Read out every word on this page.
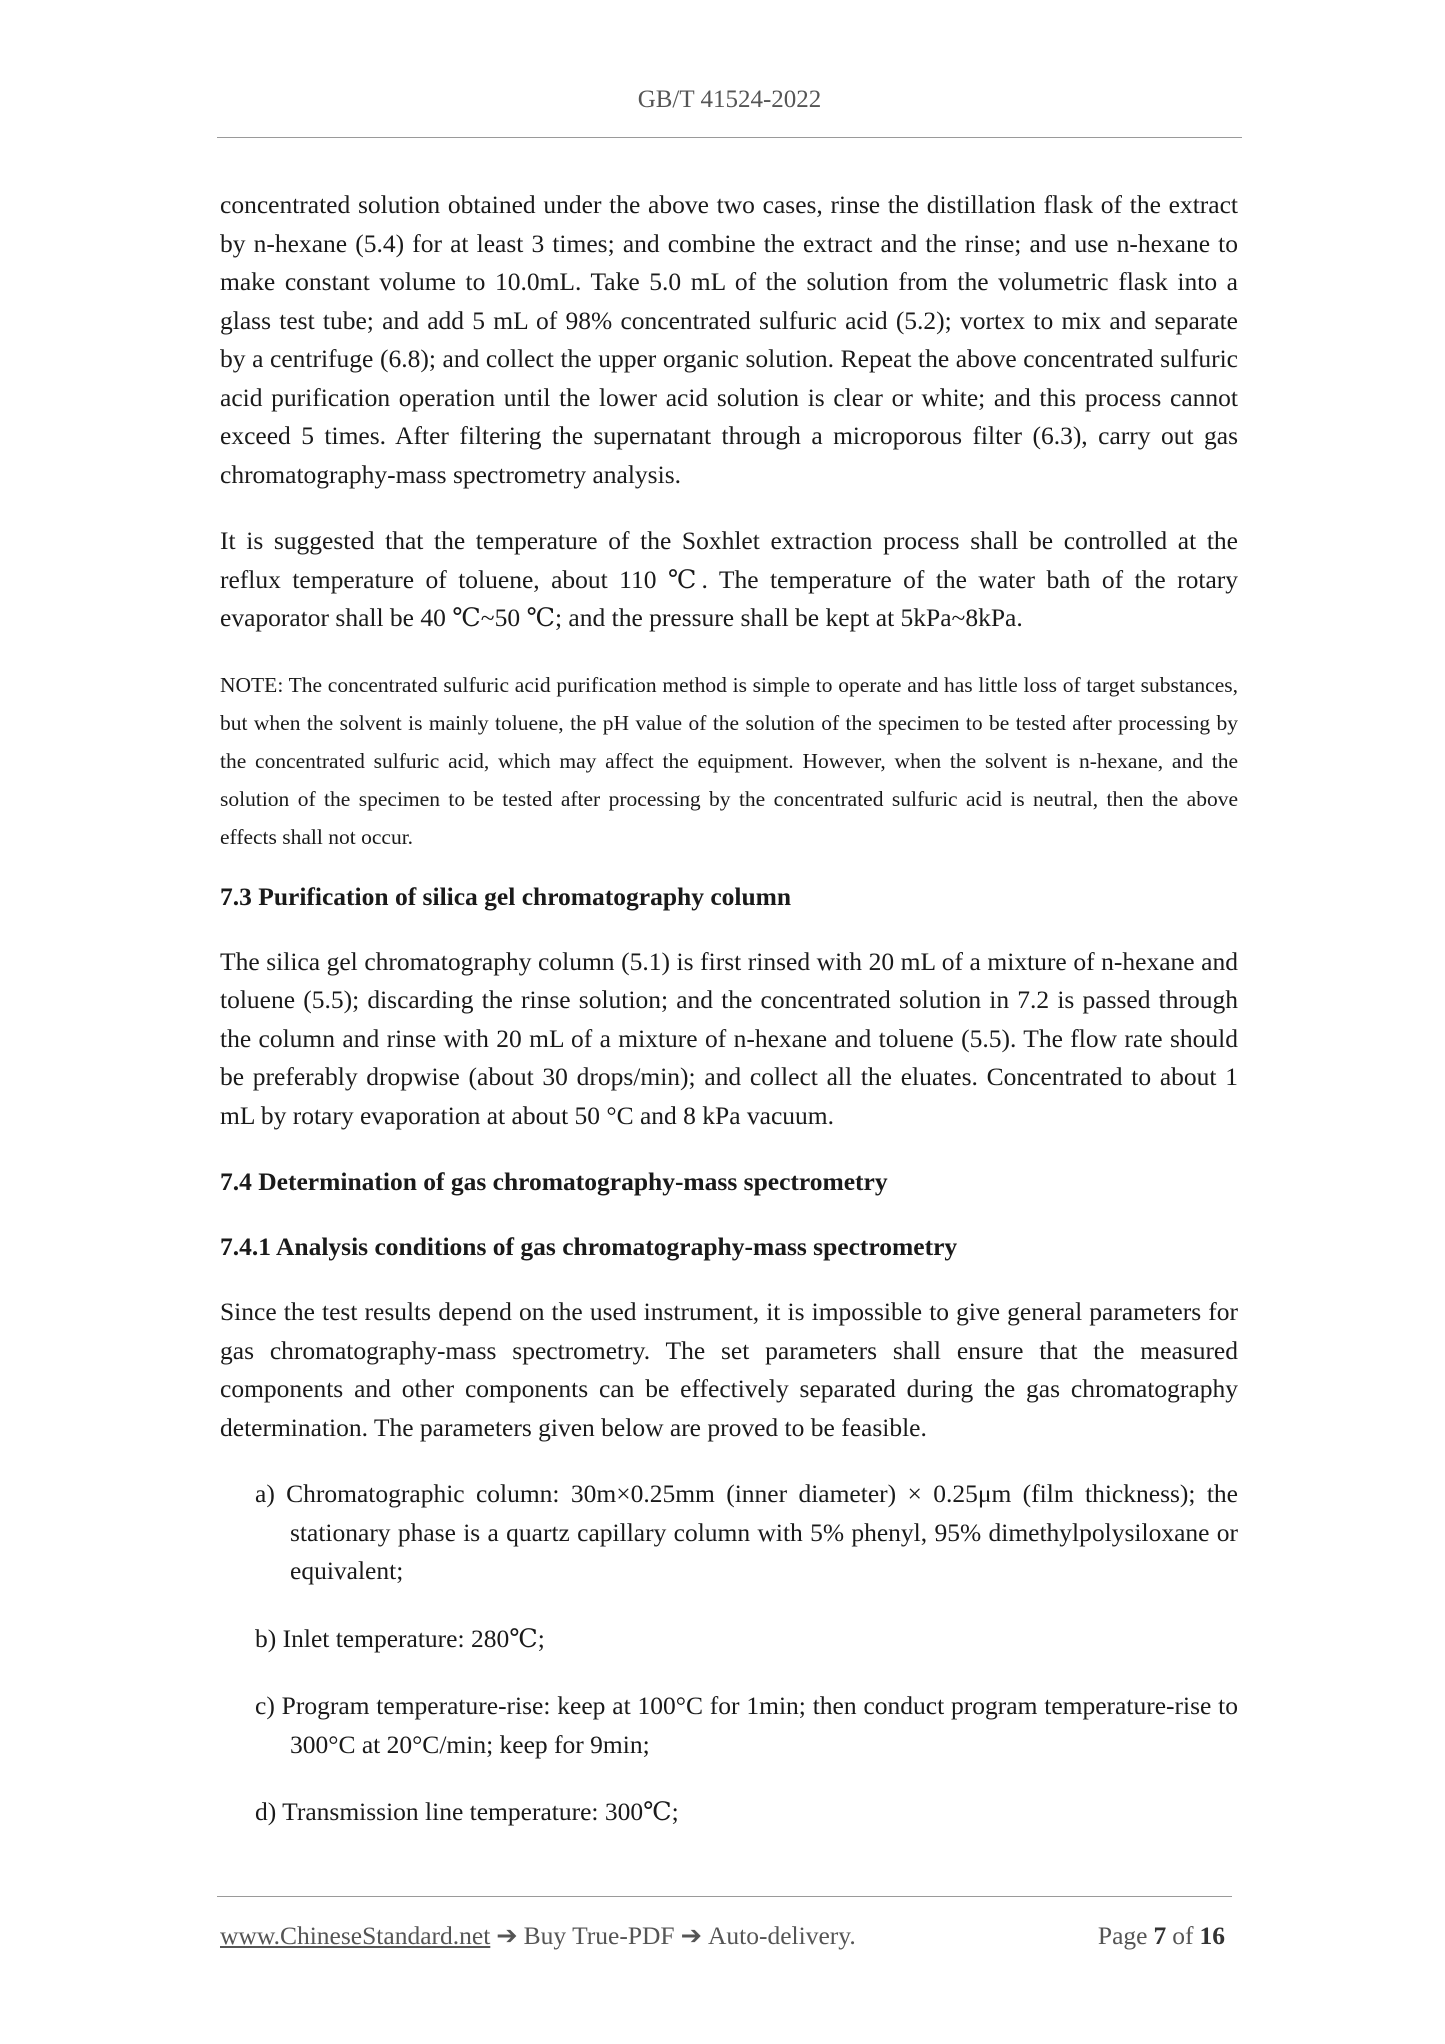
GB/T 41524-2022

concentrated solution obtained under the above two cases, rinse the distillation flask of the extract by n-hexane (5.4) for at least 3 times; and combine the extract and the rinse; and use n-hexane to make constant volume to 10.0mL. Take 5.0 mL of the solution from the volumetric flask into a glass test tube; and add 5 mL of 98% concentrated sulfuric acid (5.2); vortex to mix and separate by a centrifuge (6.8); and collect the upper organic solution. Repeat the above concentrated sulfuric acid purification operation until the lower acid solution is clear or white; and this process cannot exceed 5 times. After filtering the supernatant through a microporous filter (6.3), carry out gas chromatography-mass spectrometry analysis.

It is suggested that the temperature of the Soxhlet extraction process shall be controlled at the reflux temperature of toluene, about 110 ℃. The temperature of the water bath of the rotary evaporator shall be 40 ℃~50 ℃; and the pressure shall be kept at 5kPa~8kPa.

NOTE: The concentrated sulfuric acid purification method is simple to operate and has little loss of target substances, but when the solvent is mainly toluene, the pH value of the solution of the specimen to be tested after processing by the concentrated sulfuric acid, which may affect the equipment. However, when the solvent is n-hexane, and the solution of the specimen to be tested after processing by the concentrated sulfuric acid is neutral, then the above effects shall not occur.

7.3 Purification of silica gel chromatography column

The silica gel chromatography column (5.1) is first rinsed with 20 mL of a mixture of n-hexane and toluene (5.5); discarding the rinse solution; and the concentrated solution in 7.2 is passed through the column and rinse with 20 mL of a mixture of n-hexane and toluene (5.5). The flow rate should be preferably dropwise (about 30 drops/min); and collect all the eluates. Concentrated to about 1 mL by rotary evaporation at about 50 °C and 8 kPa vacuum.

7.4 Determination of gas chromatography-mass spectrometry
7.4.1 Analysis conditions of gas chromatography-mass spectrometry

Since the test results depend on the used instrument, it is impossible to give general parameters for gas chromatography-mass spectrometry. The set parameters shall ensure that the measured components and other components can be effectively separated during the gas chromatography determination. The parameters given below are proved to be feasible.

a) Chromatographic column: 30m×0.25mm (inner diameter) × 0.25μm (film thickness); the stationary phase is a quartz capillary column with 5% phenyl, 95% dimethylpolysiloxane or equivalent;
b) Inlet temperature: 280℃;
c) Program temperature-rise: keep at 100°C for 1min; then conduct program temperature-rise to 300°C at 20°C/min; keep for 9min;
d) Transmission line temperature: 300℃;
www.ChineseStandard.net ➔ Buy True-PDF ➔ Auto-delivery.	Page 7 of 16
